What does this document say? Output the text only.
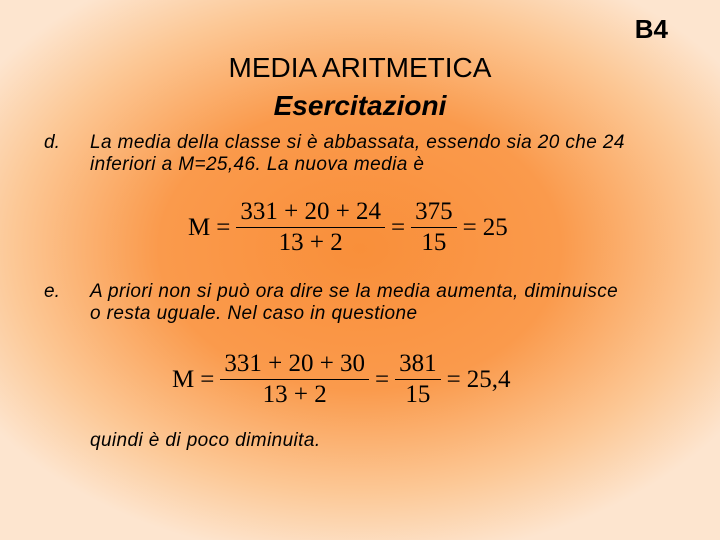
B4
MEDIA ARITMETICA
Esercitazioni
d. La media della classe si è abbassata, essendo sia 20 che 24 inferiori a M=25,46. La nuova media è
$M = \frac{331 + 20 + 24}{13 + 2} = \frac{375}{15} = 25$
e. A priori non si può ora dire se la media aumenta, diminuisce o resta uguale. Nel caso in questione
$M = \frac{331 + 20 + 30}{13 + 2} = \frac{381}{15} = 25,4$
quindi è di poco diminuita.
